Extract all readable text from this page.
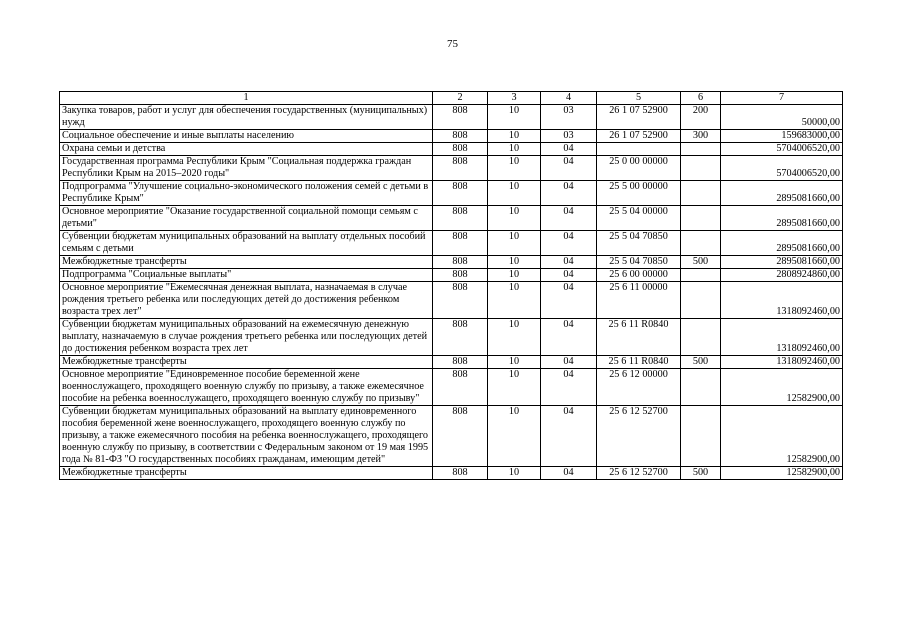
75
1	2	3	4	5	6	7
Закупка товаров, работ и услуг для обеспечения государственных (муниципальных) нужд	808	10	03	26 1 07 52900	200	50000,00
Социальное обеспечение и иные выплаты населению	808	10	03	26 1 07 52900	300	159683000,00
Охрана семьи и детства	808	10	04			5704006520,00
Государственная программа Республики Крым "Социальная поддержка граждан Республики Крым на 2015–2020 годы"	808	10	04	25 0 00 00000		5704006520,00
Подпрограмма "Улучшение социально-экономического положения семей с детьми в Республике Крым"	808	10	04	25 5 00 00000		2895081660,00
Основное мероприятие "Оказание государственной социальной помощи семьям с детьми"	808	10	04	25 5 04 00000		2895081660,00
Субвенции бюджетам муниципальных образований на выплату отдельных пособий семьям с детьми	808	10	04	25 5 04 70850		2895081660,00
Межбюджетные трансферты	808	10	04	25 5 04 70850	500	2895081660,00
Подпрограмма "Социальные выплаты"	808	10	04	25 6 00 00000		2808924860,00
Основное мероприятие "Ежемесячная денежная выплата, назначаемая в случае рождения третьего ребенка или последующих детей до достижения ребенком возраста трех лет"	808	10	04	25 6 11 00000		1318092460,00
Субвенции бюджетам муниципальных образований на ежемесячную денежную выплату, назначаемую в случае рождения третьего ребенка или последующих детей до достижения ребенком возраста трех лет	808	10	04	25 6 11 R0840		1318092460,00
Межбюджетные трансферты	808	10	04	25 6 11 R0840	500	1318092460,00
Основное мероприятие "Единовременное пособие беременной жене военнослужащего, проходящего военную службу по призыву, а также ежемесячное пособие на ребенка военнослужащего, проходящего военную службу по призыву"	808	10	04	25 6 12 00000		12582900,00
Субвенции бюджетам муниципальных образований на выплату единовременного пособия беременной жене военнослужащего, проходящего военную службу по призыву, а также ежемесячного пособия на ребенка военнослужащего, проходящего военную службу по призыву, в соответствии с Федеральным законом от 19 мая 1995 года № 81-ФЗ "О государственных пособиях гражданам, имеющим детей"	808	10	04	25 6 12 52700		12582900,00
Межбюджетные трансферты	808	10	04	25 6 12 52700	500	12582900,00
